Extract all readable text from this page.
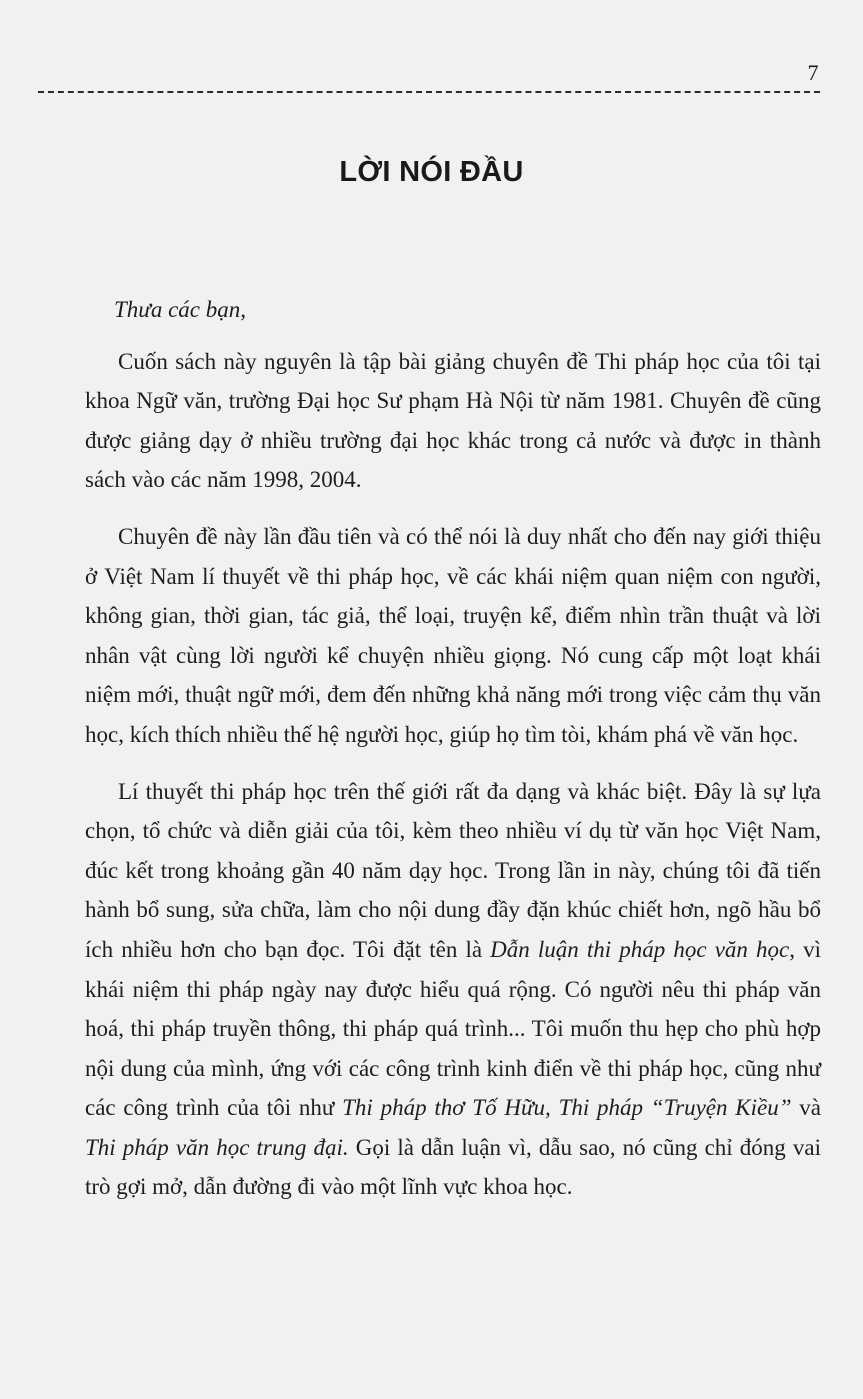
7
LỜI NÓI ĐẦU

Thưa các bạn,

Cuốn sách này nguyên là tập bài giảng chuyên đề Thi pháp học của tôi tại khoa Ngữ văn, trường Đại học Sư phạm Hà Nội từ năm 1981. Chuyên đề cũng được giảng dạy ở nhiều trường đại học khác trong cả nước và được in thành sách vào các năm 1998, 2004.

Chuyên đề này lần đầu tiên và có thể nói là duy nhất cho đến nay giới thiệu ở Việt Nam lí thuyết về thi pháp học, về các khái niệm quan niệm con người, không gian, thời gian, tác giả, thể loại, truyện kể, điểm nhìn trần thuật và lời nhân vật cùng lời người kể chuyện nhiều giọng. Nó cung cấp một loạt khái niệm mới, thuật ngữ mới, đem đến những khả năng mới trong việc cảm thụ văn học, kích thích nhiều thế hệ người học, giúp họ tìm tòi, khám phá về văn học.

Lí thuyết thi pháp học trên thế giới rất đa dạng và khác biệt. Đây là sự lựa chọn, tổ chức và diễn giải của tôi, kèm theo nhiều ví dụ từ văn học Việt Nam, đúc kết trong khoảng gần 40 năm dạy học. Trong lần in này, chúng tôi đã tiến hành bổ sung, sửa chữa, làm cho nội dung đầy đặn khúc chiết hơn, ngõ hầu bổ ích nhiều hơn cho bạn đọc. Tôi đặt tên là Dẫn luận thi pháp học văn học, vì khái niệm thi pháp ngày nay được hiểu quá rộng. Có người nêu thi pháp văn hoá, thi pháp truyền thông, thi pháp quá trình... Tôi muốn thu hẹp cho phù hợp nội dung của mình, ứng với các công trình kinh điển về thi pháp học, cũng như các công trình của tôi như Thi pháp thơ Tố Hữu, Thi pháp “Truyện Kiều” và Thi pháp văn học trung đại. Gọi là dẫn luận vì, dẫu sao, nó cũng chỉ đóng vai trò gợi mở, dẫn đường đi vào một lĩnh vực khoa học.
